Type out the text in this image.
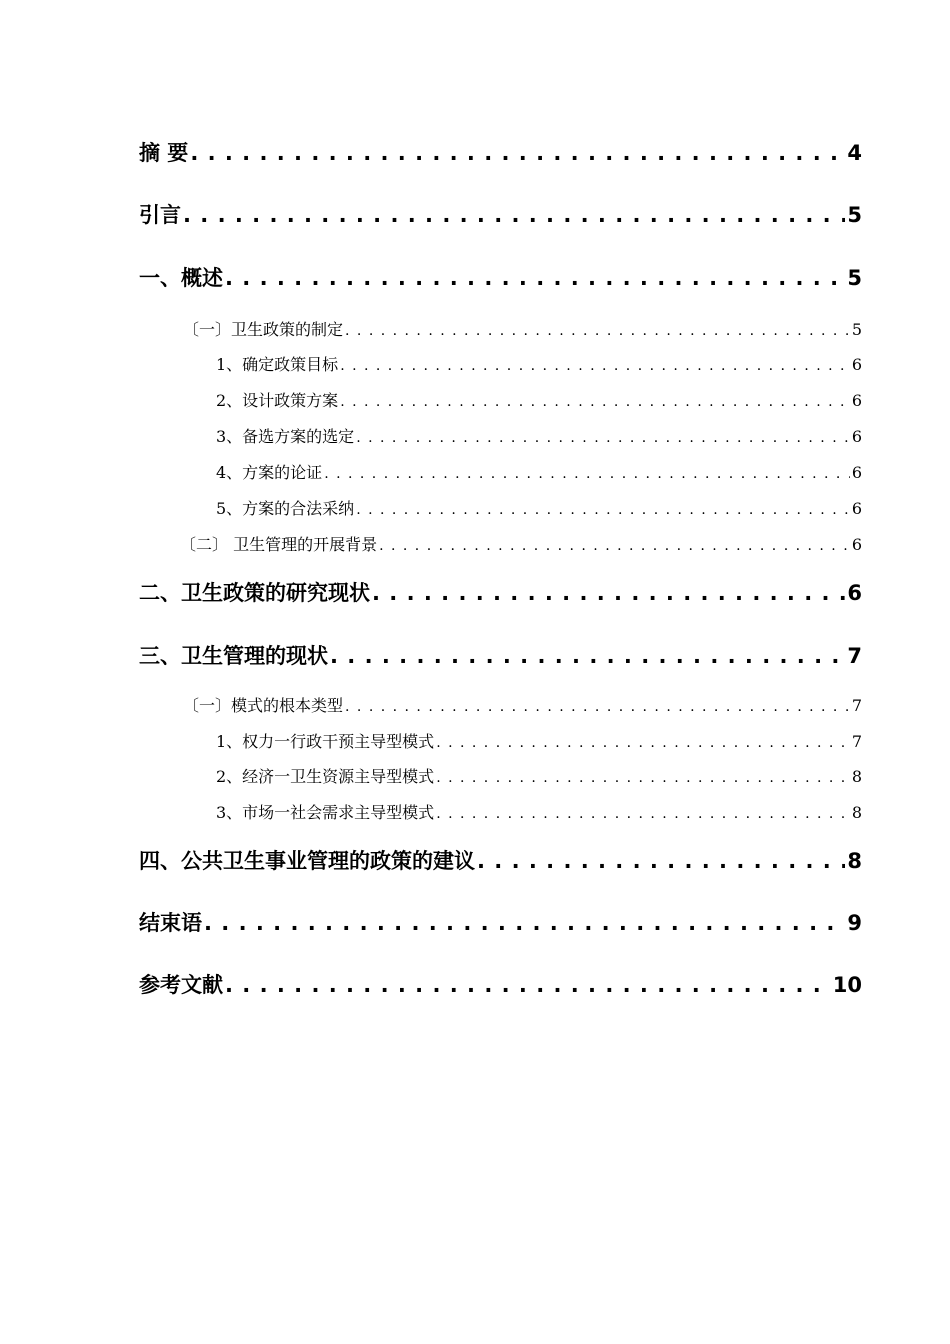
摘 要 . . .	4
引言 . . .	5
一、概述 . . .	5
〔一〕卫生政策的制定 . . .	5
1、确定政策目标 . . .	6
2、设计政策方案 . . .	6
3、备选方案的选定 . . .	6
4、方案的论证 . . .	6
5、方案的合法采纳 . . .	6
〔二〕 卫生管理的开展背景 . . .	6
二、卫生政策的研究现状 . . .	6
三、卫生管理的现状 . . .	7
〔一〕模式的根本类型 . . .	7
1、权力一行政干预主导型模式 . . .	7
2、经济一卫生资源主导型模式 . . .	8
3、市场一社会需求主导型模式 . . .	8
四、公共卫生事业管理的政策的建议 . . .	8
结束语 . . .	9
参考文献 . . .	10
